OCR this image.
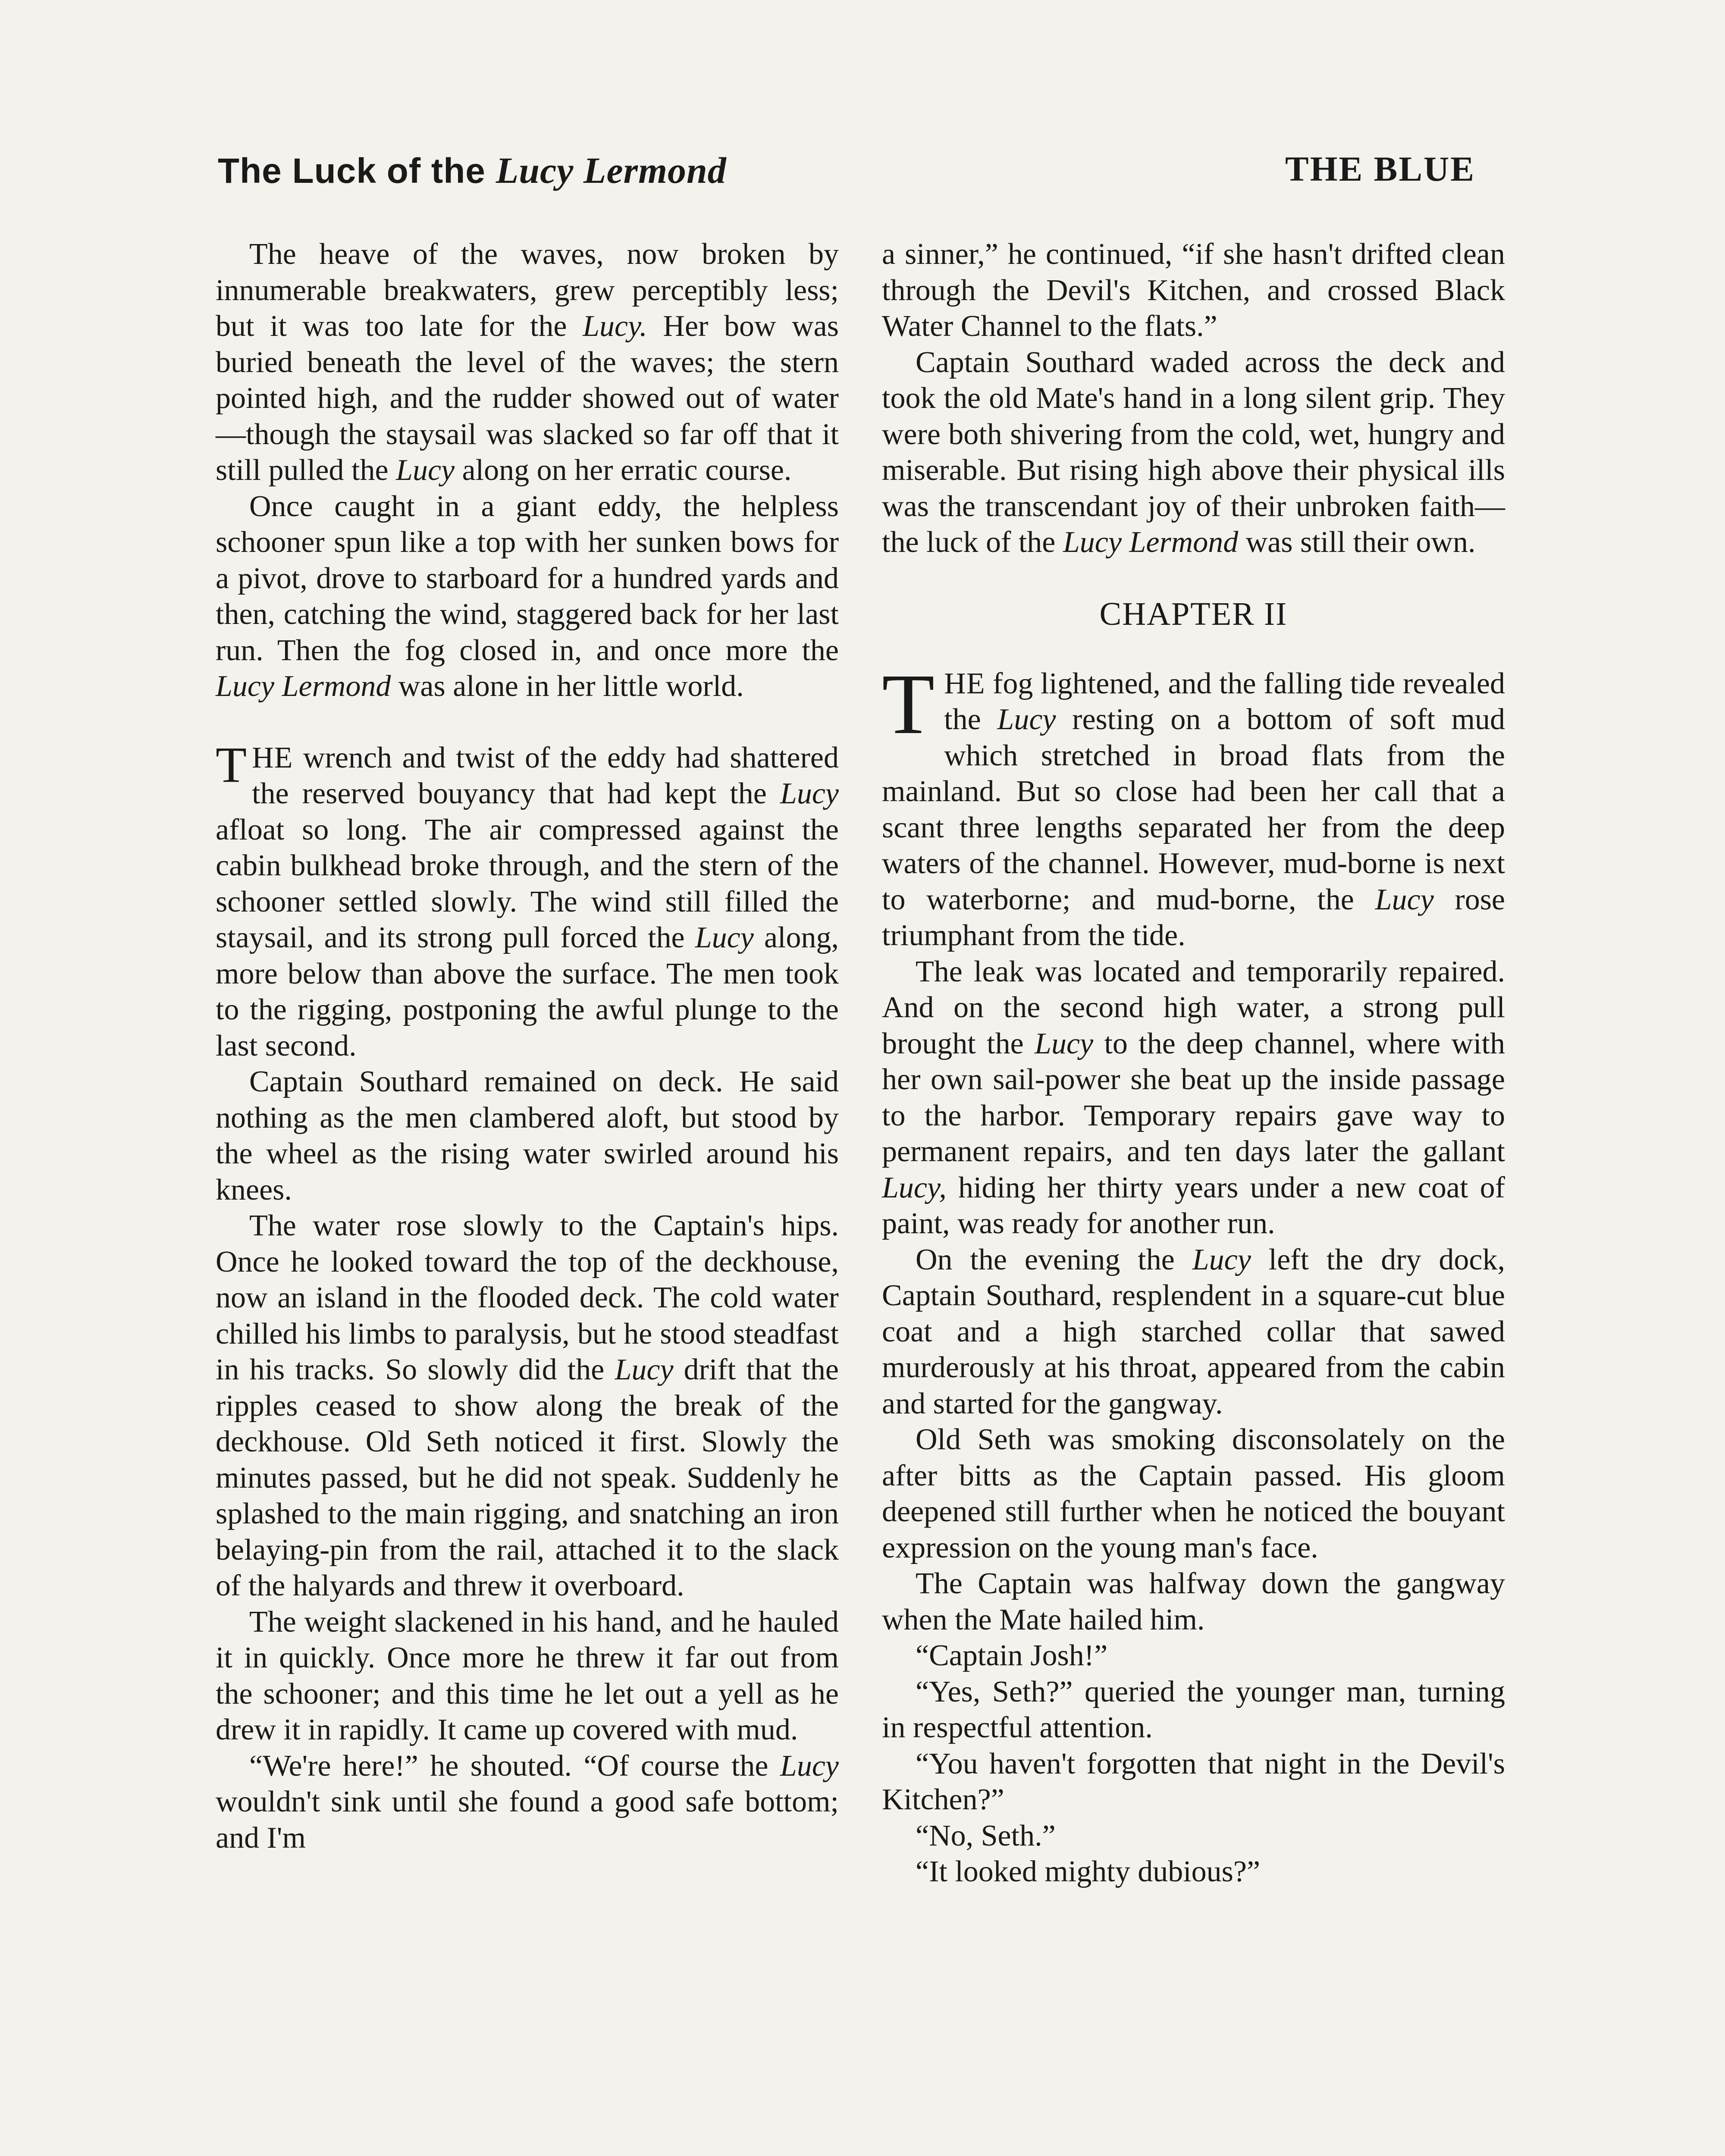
The Luck of the Lucy Lermond	THE BLUE

The heave of the waves, now broken by innumerable breakwaters, grew perceptibly less; but it was too late for the Lucy. Her bow was buried beneath the level of the waves; the stern pointed high, and the rudder showed out of water—though the staysail was slacked so far off that it still pulled the Lucy along on her erratic course.

Once caught in a giant eddy, the helpless schooner spun like a top with her sunken bows for a pivot, drove to starboard for a hundred yards and then, catching the wind, staggered back for her last run. Then the fog closed in, and once more the Lucy Lermond was alone in her little world.

THE wrench and twist of the eddy had shattered the reserved bouyancy that had kept the Lucy afloat so long. The air compressed against the cabin bulkhead broke through, and the stern of the schooner settled slowly. The wind still filled the staysail, and its strong pull forced the Lucy along, more below than above the surface. The men took to the rigging, postponing the awful plunge to the last second.

Captain Southard remained on deck. He said nothing as the men clambered aloft, but stood by the wheel as the rising water swirled around his knees.

The water rose slowly to the Captain's hips. Once he looked toward the top of the deckhouse, now an island in the flooded deck. The cold water chilled his limbs to paralysis, but he stood steadfast in his tracks. So slowly did the Lucy drift that the ripples ceased to show along the break of the deckhouse. Old Seth noticed it first. Slowly the minutes passed, but he did not speak. Suddenly he splashed to the main rigging, and snatching an iron belaying-pin from the rail, attached it to the slack of the halyards and threw it overboard.

The weight slackened in his hand, and he hauled it in quickly. Once more he threw it far out from the schooner; and this time he let out a yell as he drew it in rapidly. It came up covered with mud.

“We're here!” he shouted. “Of course the Lucy wouldn't sink until she found a good safe bottom; and I'm

a sinner,” he continued, “if she hasn't drifted clean through the Devil's Kitchen, and crossed Black Water Channel to the flats.”

Captain Southard waded across the deck and took the old Mate's hand in a long silent grip. They were both shivering from the cold, wet, hungry and miserable. But rising high above their physical ills was the transcendant joy of their unbroken faith—the luck of the Lucy Lermond was still their own.

CHAPTER II

THE fog lightened, and the falling tide revealed the Lucy resting on a bottom of soft mud which stretched in broad flats from the mainland. But so close had been her call that a scant three lengths separated her from the deep waters of the channel. However, mud-borne is next to waterborne; and mud-borne, the Lucy rose triumphant from the tide.

The leak was located and temporarily repaired. And on the second high water, a strong pull brought the Lucy to the deep channel, where with her own sail-power she beat up the inside passage to the harbor. Temporary repairs gave way to permanent repairs, and ten days later the gallant Lucy, hiding her thirty years under a new coat of paint, was ready for another run.

On the evening the Lucy left the dry dock, Captain Southard, resplendent in a square-cut blue coat and a high starched collar that sawed murderously at his throat, appeared from the cabin and started for the gangway.

Old Seth was smoking disconsolately on the after bitts as the Captain passed. His gloom deepened still further when he noticed the bouyant expression on the young man's face.

The Captain was halfway down the gangway when the Mate hailed him.

“Captain Josh!”

“Yes, Seth?” queried the younger man, turning in respectful attention.

“You haven't forgotten that night in the Devil's Kitchen?”

“No, Seth.”

“It looked mighty dubious?”
